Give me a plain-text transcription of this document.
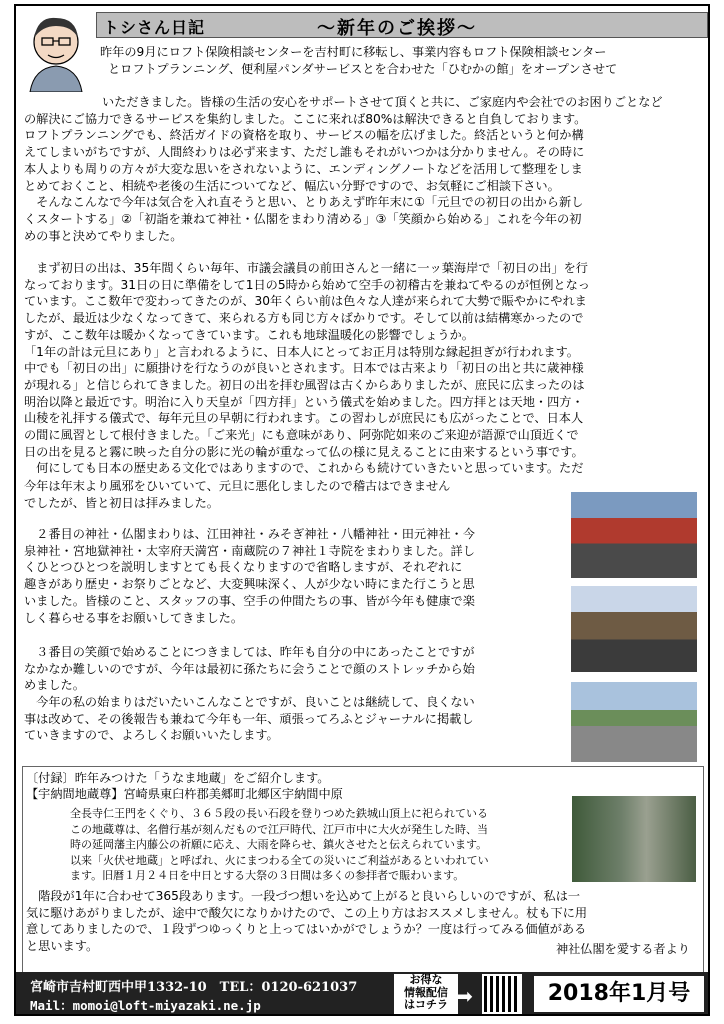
トシさん日記	～新年のご挨拶～
昨年の9月にロフト保険相談センターを吉村町に移転し、事業内容もロフト保険相談センター
とロフトプランニング、便利屋パンダサービスとを合わせた「ひむかの館」をオープンさせて
いただきました。皆様の生活の安心をサポートさせて頂くと共に、ご家庭内や会社でのお困りごとなど
の解決にご協力できるサービスを集約しました。ここに来れば80%は解決できると自負しております。
ロフトプランニングでも、終活ガイドの資格を取り、サービスの幅を広げました。終活というと何か構
えてしまいがちですが、人間終わりは必ず来ます、ただし誰もそれがいつかは分かりません。その時に
本人よりも周りの方々が大変な思いをされないように、エンディングノートなどを活用して整理をしま
とめておくこと、相続や老後の生活についてなど、幅広い分野ですので、お気軽にご相談下さい。
　そんなこんなで今年は気合を入れ直そうと思い、とりあえず昨年末に①「元旦での初日の出から新し
くスタートする」②「初詣を兼ねて神社・仏閣をまわり清める」③「笑顔から始める」これを今年の初
めの事と決めてやりました。
　まず初日の出は、35年間くらい毎年、市議会議員の前田さんと一緒に一ッ葉海岸で「初日の出」を行
なっております。31日の日に準備をして1日の5時から始めて空手の初稽古を兼ねてやるのが恒例となっ
ています。ここ数年で変わってきたのが、30年くらい前は色々な人達が来られて大勢で賑やかにやれま
したが、最近は少なくなってきて、来られる方も同じ方々ばかりです。そして以前は結構寒かったので
すが、ここ数年は暖かくなってきています。これも地球温暖化の影響でしょうか。
「1年の計は元旦にあり」と言われるように、日本人にとってお正月は特別な縁起担ぎが行われます。
中でも「初日の出」に願掛けを行なうのが良いとされます。日本では古来より「初日の出と共に歳神様
が現れる」と信じられてきました。初日の出を拝む風習は古くからありましたが、庶民に広まったのは
明治以降と最近です。明治に入り天皇が「四方拝」という儀式を始めました。四方拝とは天地・四方・
山稜を礼拝する儀式で、毎年元旦の早朝に行われます。この習わしが庶民にも広がったことで、日本人
の間に風習として根付きました。「ご来光」にも意味があり、阿弥陀如来のご来迎が語源で山頂近くで
日の出を見ると霧に映った自分の影に光の輪が重なって仏の様に見えることに由来するという事です。
　何にしても日本の歴史ある文化ではありますので、これからも続けていきたいと思っています。ただ
今年は年末より風邪をひいていて、元旦に悪化しましたので稽古はできません
でしたが、皆と初日は拝みました。
　２番目の神社・仏閣まわりは、江田神社・みそぎ神社・八幡神社・田元神社・今
泉神社・宮地獄神社・太宰府天満宮・南蔵院の７神社１寺院をまわりました。詳し
くひとつひとつを説明しますとても長くなりますので省略しますが、それぞれに
趣きがあり歴史・お祭りごとなど、大変興味深く、人が少ない時にまた行こうと思
いました。皆様のこと、スタッフの事、空手の仲間たちの事、皆が今年も健康で楽
しく暮らせる事をお願いしてきました。
　３番目の笑顔で始めることにつきましては、昨年も自分の中にあったことですが
なかなか難しいのですが、今年は最初に孫たちに会うことで顔のストレッチから始
めました。
　今年の私の始まりはだいたいこんなことですが、良いことは継続して、良くない
事は改めて、その後報告も兼ねて今年も一年、頑張ってろふとジャーナルに掲載し
ていきますので、よろしくお願いいたします。
〔付録〕昨年みつけた「うなま地蔵」をご紹介します。
【宇納間地蔵尊】宮崎県東臼杵郡美郷町北郷区宇納間中原
全長寺仁王門をくぐり、３６５段の長い石段を登りつめた鉄城山頂上に祀られている
この地蔵尊は、名僧行基が刻んだもので江戸時代、江戸市中に大火が発生した時、当
時の延岡藩主内藤公の祈願に応え、大雨を降らせ、鎮火させたと伝えられています。
以来「火伏せ地蔵」と呼ばれ、火にまつわる全ての災いにご利益があるといわれてい
ます。旧暦１月２４日を中日とする大祭の３日間は多くの参拝者で賑わいます。
　階段が1年に合わせて365段あります。一段づつ想いを込めて上がると良いらしいのですが、私は一
気に駆けあがりましたが、途中で酸欠になりかけたので、この上り方はおススメしません。杖も下に用
意してありましたので、１段ずつゆっくりと上ってはいかがでしょうか？一度は行ってみる価値がある
と思います。	神社仏閣を愛する者より
宮崎市吉村町西中甲1332-10　TEL：0120-621037
Mail：momoi@loft-miyazaki.ne.jp
お得な
情報配信
はコチラ ➡	2018年1月号
